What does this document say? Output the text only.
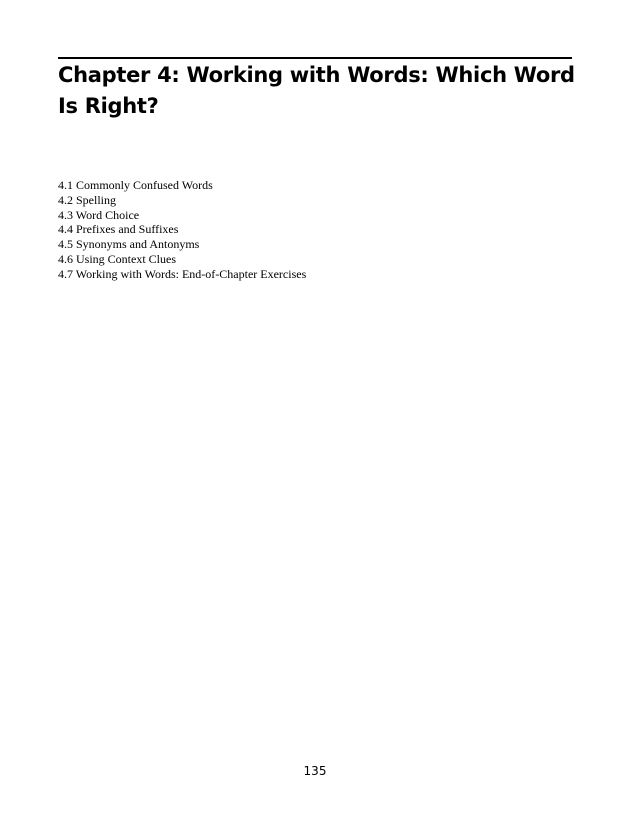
Chapter 4: Working with Words: Which Word Is Right?
4.1 Commonly Confused Words
4.2 Spelling
4.3 Word Choice
4.4 Prefixes and Suffixes
4.5 Synonyms and Antonyms
4.6 Using Context Clues
4.7 Working with Words: End-of-Chapter Exercises
135
